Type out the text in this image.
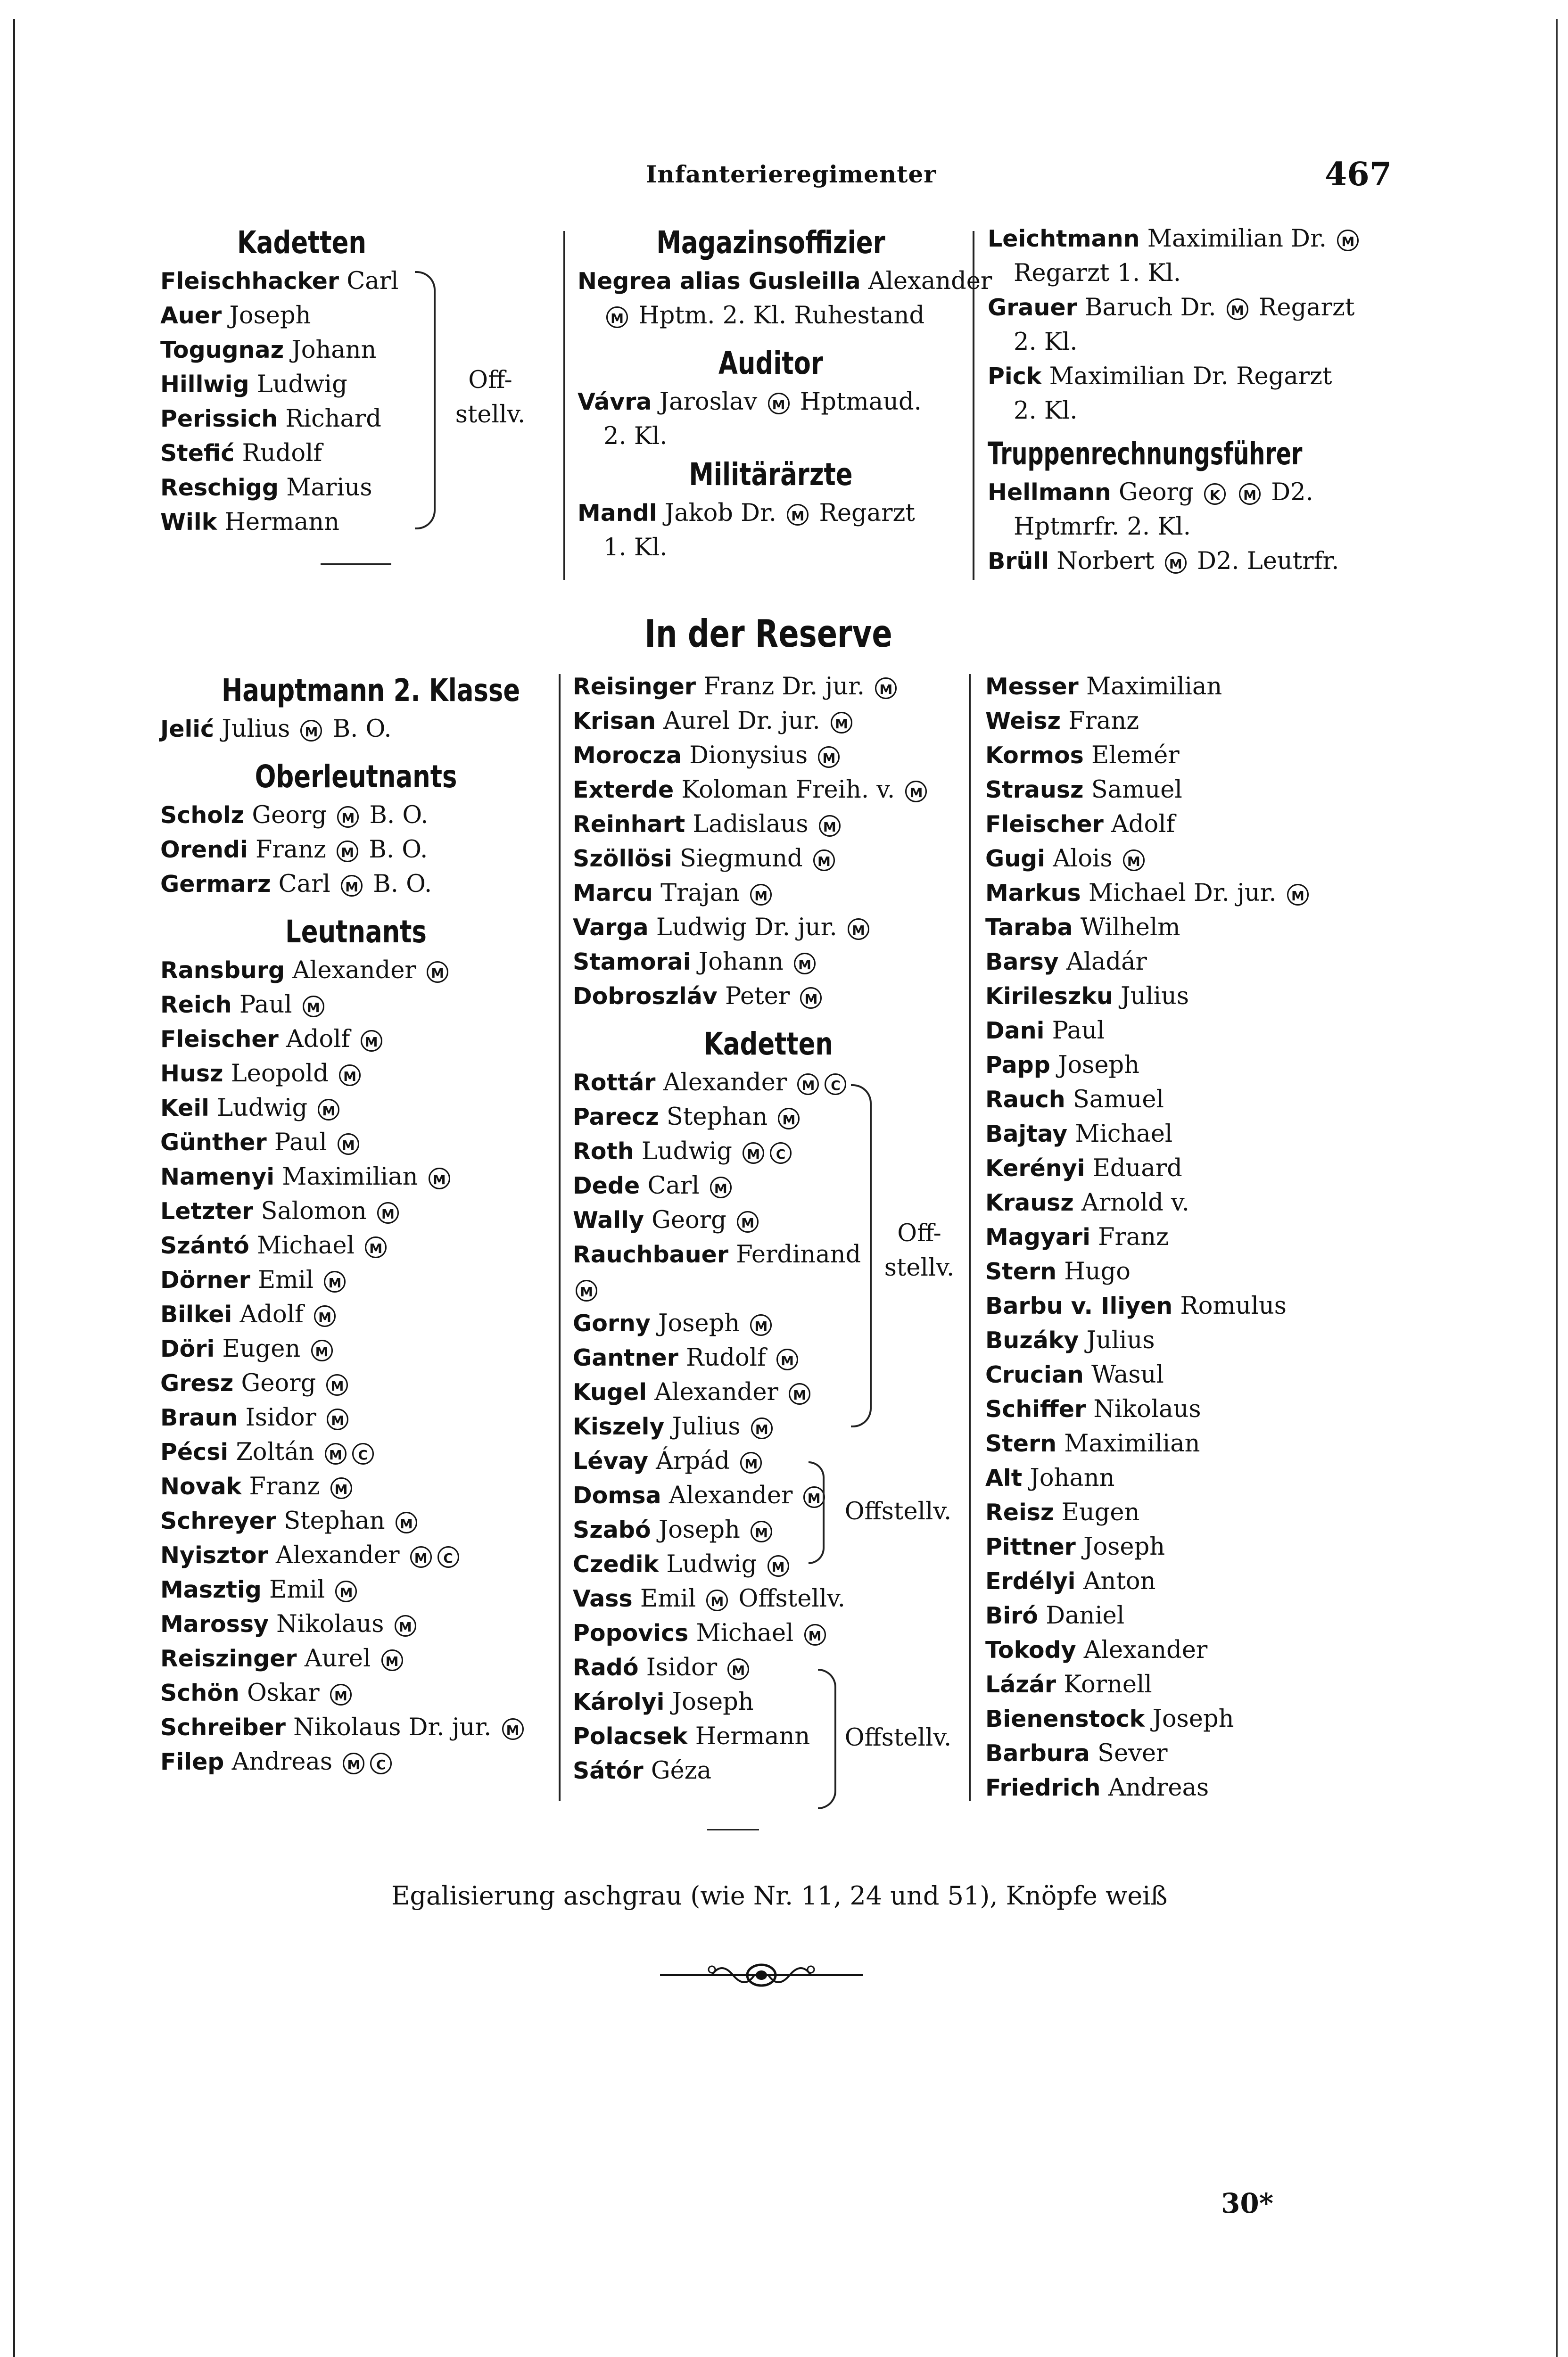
Infanterieregimenter	467
Kadetten
Fleischhacker Carl
Auer Joseph
Togugnaz Johann
Hillwig Ludwig
Perissich Richard
Stefić Rudolf
Reschigg Marius
Wilk Hermann
Off-
stellv.
Magazinsoffizier
Negrea alias Gusleilla Alexander
M Hptm. 2. Kl. Ruhestand
Auditor
Vávra Jaroslav M Hptmaud.
2. Kl.
Militärärzte
Mandl Jakob Dr. M Regarzt
1. Kl.
Leichtmann Maximilian Dr. M
Regarzt 1. Kl.
Grauer Baruch Dr. M Regarzt
2. Kl.
Pick Maximilian Dr. Regarzt
2. Kl.
Truppenrechnungsführer
Hellmann Georg K M D2.
Hptmrfr. 2. Kl.
Brüll Norbert M D2. Leutrfr.
In der Reserve
Hauptmann 2. Klasse
Jelić Julius M B. O.
Oberleutnants
Scholz Georg M B. O.
Orendi Franz M B. O.
Germarz Carl M B. O.
Leutnants
Ransburg Alexander M
Reich Paul M
Fleischer Adolf M
Husz Leopold M
Keil Ludwig M
Günther Paul M
Namenyi Maximilian M
Letzter Salomon M
Szántó Michael M
Dörner Emil M
Bilkei Adolf M
Döri Eugen M
Gresz Georg M
Braun Isidor M
Pécsi Zoltán M C
Novak Franz M
Schreyer Stephan M
Nyisztor Alexander M C
Masztig Emil M
Marossy Nikolaus M
Reiszinger Aurel M
Schön Oskar M
Schreiber Nikolaus Dr. jur. M
Filep Andreas M C
Reisinger Franz Dr. jur. M
Krisan Aurel Dr. jur. M
Morocza Dionysius M
Exterde Koloman Freih. v. M
Reinhart Ladislaus M
Szöllösi Siegmund M
Marcu Trajan M
Varga Ludwig Dr. jur. M
Stamorai Johann M
Dobroszláv Peter M
Kadetten
Rottár Alexander M C
Parecz Stephan M
Roth Ludwig M C
Dede Carl M
Wally Georg M
Rauchbauer Ferdinand
M
Gorny Joseph M
Gantner Rudolf M
Kugel Alexander M
Kiszely Julius M
Lévay Árpád M
Domsa Alexander M
Szabó Joseph M
Czedik Ludwig M
Vass Emil M Offstellv.
Popovics Michael M
Radó Isidor M
Károlyi Joseph
Polacsek Hermann
Sátór Géza
Off-
stellv.
Offstellv.
Offstellv.
Messer Maximilian
Weisz Franz
Kormos Elemér
Strausz Samuel
Fleischer Adolf
Gugi Alois M
Markus Michael Dr. jur. M
Taraba Wilhelm
Barsy Aladár
Kirileszku Julius
Dani Paul
Papp Joseph
Rauch Samuel
Bajtay Michael
Kerényi Eduard
Krausz Arnold v.
Magyari Franz
Stern Hugo
Barbu v. Iliyen Romulus
Buzáky Julius
Crucian Wasul
Schiffer Nikolaus
Stern Maximilian
Alt Johann
Reisz Eugen
Pittner Joseph
Erdélyi Anton
Biró Daniel
Tokody Alexander
Lázár Kornell
Bienenstock Joseph
Barbura Sever
Friedrich Andreas
Egalisierung aschgrau (wie Nr. 11, 24 und 51), Knöpfe weiß
30*
